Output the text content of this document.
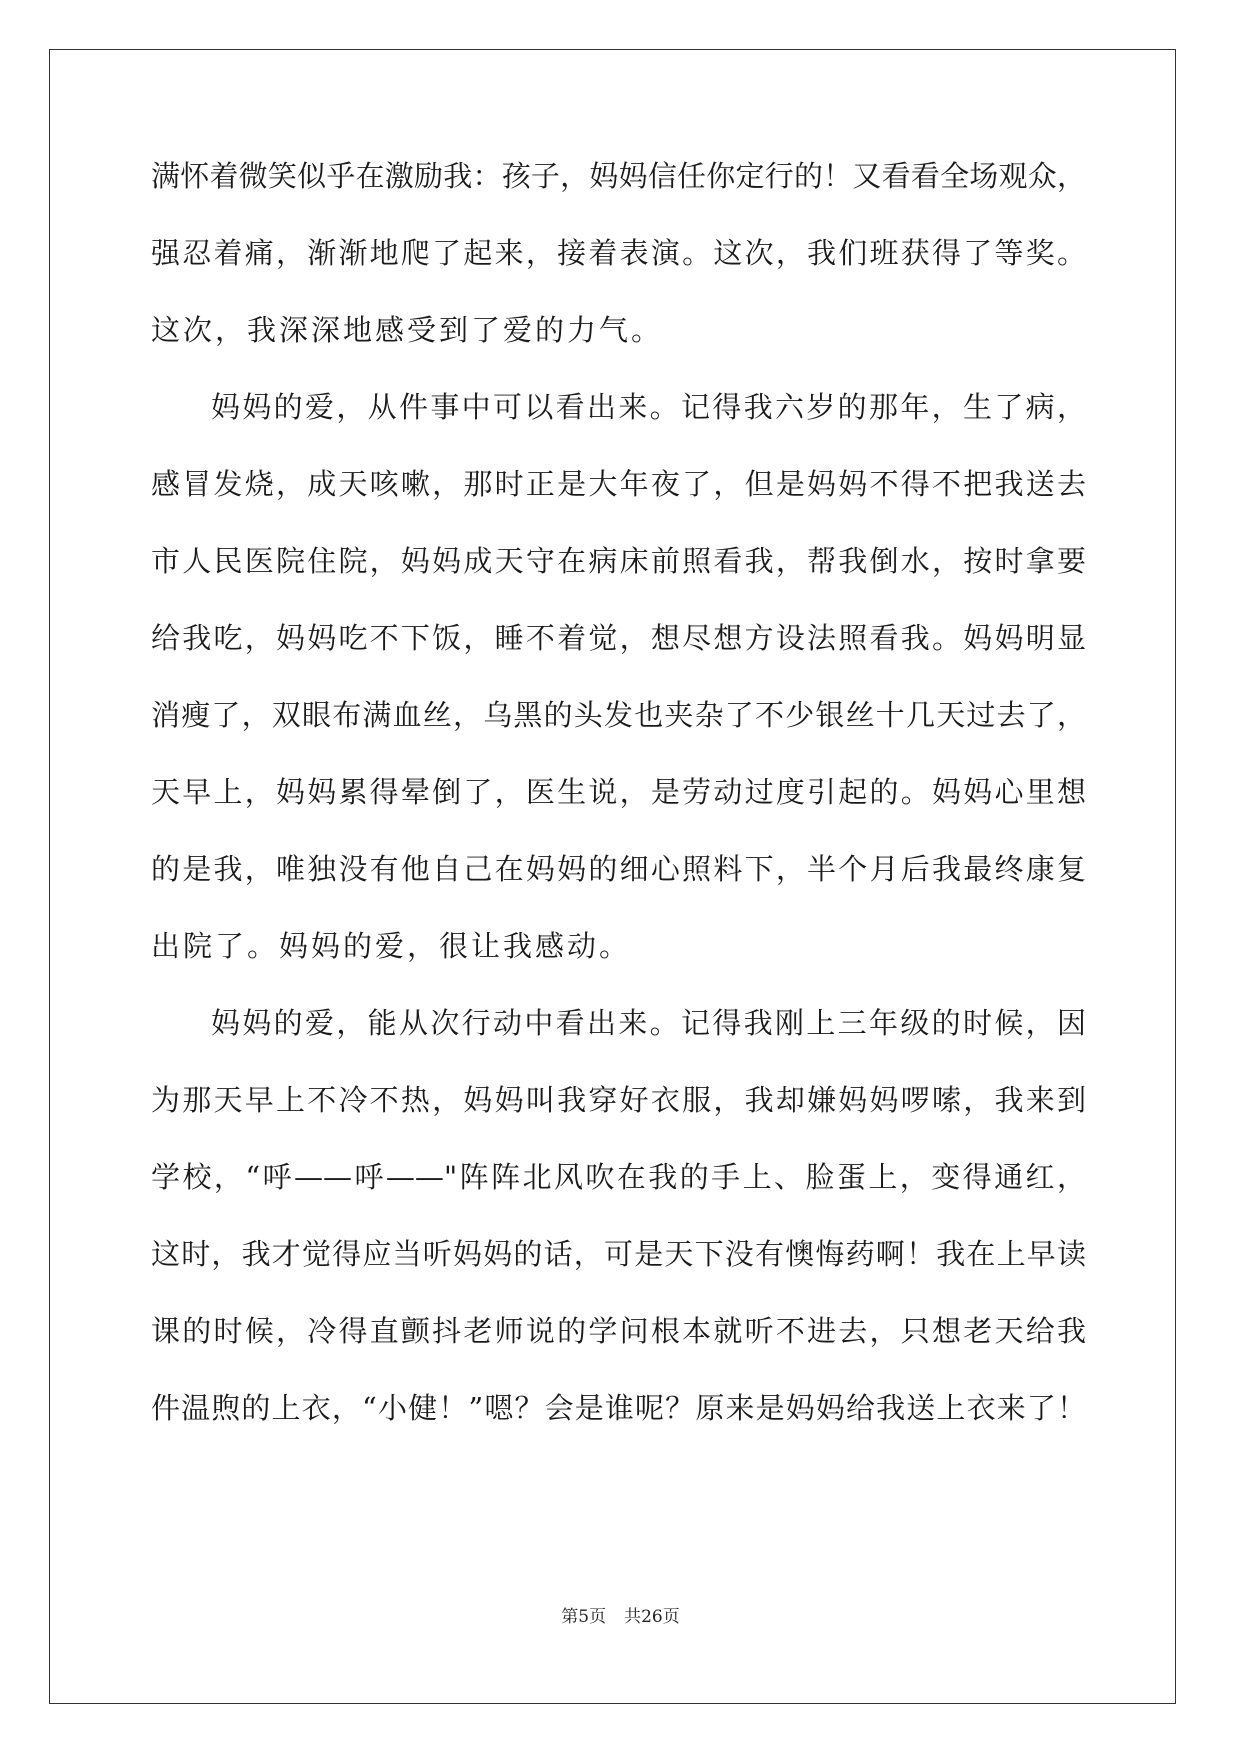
满怀着微笑似乎在激励我：孩子，妈妈信任你定行的！又看看全场观众，
强忍着痛，渐渐地爬了起来，接着表演。这次，我们班获得了等奖。
这次，我深深地感受到了爱的力气。
妈妈的爱，从件事中可以看出来。记得我六岁的那年，生了病，
感冒发烧，成天咳嗽，那时正是大年夜了，但是妈妈不得不把我送去
市人民医院住院，妈妈成天守在病床前照看我，帮我倒水，按时拿要
给我吃，妈妈吃不下饭，睡不着觉，想尽想方设法照看我。妈妈明显
消瘦了，双眼布满血丝，乌黑的头发也夹杂了不少银丝十几天过去了，
天早上，妈妈累得晕倒了，医生说，是劳动过度引起的。妈妈心里想
的是我，唯独没有他自己在妈妈的细心照料下，半个月后我最终康复
出院了。妈妈的爱，很让我感动。
妈妈的爱，能从次行动中看出来。记得我刚上三年级的时候，因
为那天早上不冷不热，妈妈叫我穿好衣服，我却嫌妈妈啰嗦，我来到
学校，“呼——呼——"阵阵北风吹在我的手上、脸蛋上，变得通红，
这时，我才觉得应当听妈妈的话，可是天下没有懊悔药啊！我在上早读
课的时候，冷得直颤抖老师说的学问根本就听不进去，只想老天给我
件温煦的上衣，“小健！”嗯？会是谁呢？原来是妈妈给我送上衣来了！
第5页 共26页
